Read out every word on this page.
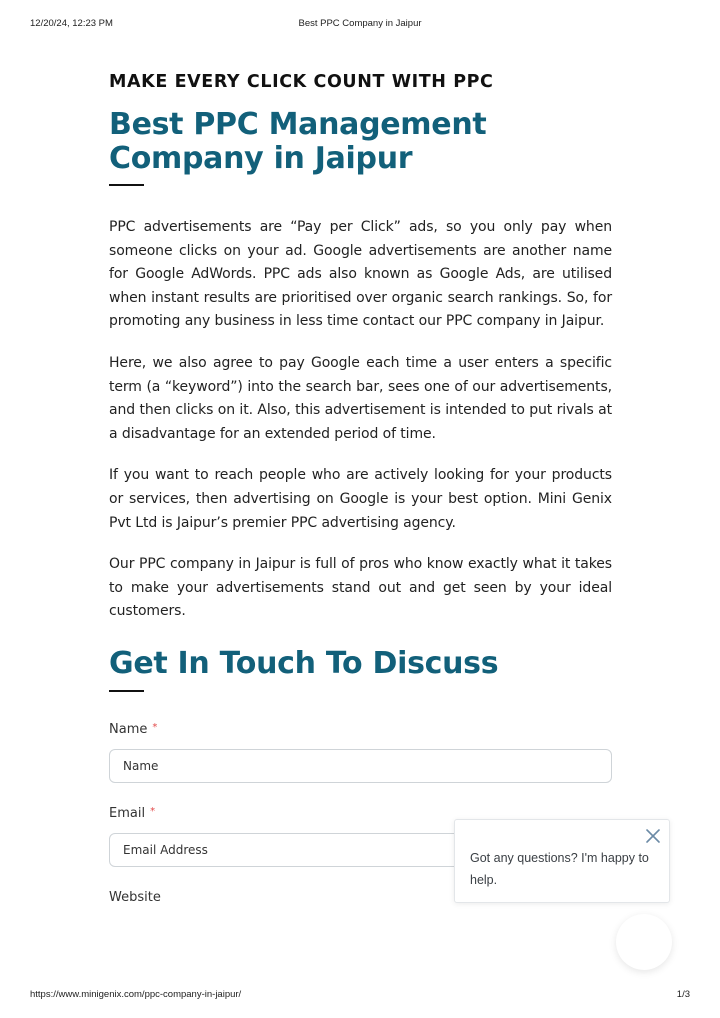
12/20/24, 12:23 PM	Best PPC Company in Jaipur

MAKE EVERY CLICK COUNT WITH PPC

Best PPC Management Company in Jaipur

PPC advertisements are “Pay per Click” ads, so you only pay when someone clicks on your ad. Google advertisements are another name for Google AdWords. PPC ads also known as Google Ads, are utilised when instant results are prioritised over organic search rankings. So, for promoting any business in less time contact our PPC company in Jaipur.

Here, we also agree to pay Google each time a user enters a specific term (a “keyword”) into the search bar, sees one of our advertisements, and then clicks on it. Also, this advertisement is intended to put rivals at a disadvantage for an extended period of time.

If you want to reach people who are actively looking for your products or services, then advertising on Google is your best option. Mini Genix Pvt Ltd is Jaipur’s premier PPC advertising agency.

Our PPC company in Jaipur is full of pros who know exactly what it takes to make your advertisements stand out and get seen by your ideal customers.

Get In Touch To Discuss
Name *
Name
Email *
Email Address
Website
Got any questions? I'm happy to help.
https://www.minigenix.com/ppc-company-in-jaipur/	1/3
